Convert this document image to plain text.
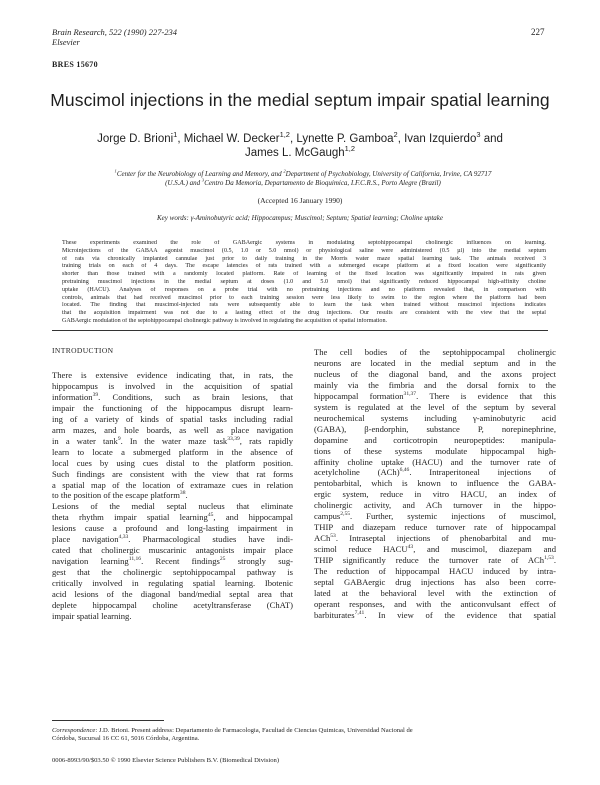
Brain Research, 522 (1990) 227-234
Elsevier
227
BRES 15670
Muscimol injections in the medial septum impair spatial learning
Jorge D. Brioni$^1$, Michael W. Decker$^{1,2}$, Lynette P. Gamboa$^2$, Ivan Izquierdo$^3$ and
James L. McGaugh$^{1,2}$
$^1$Center for the Neurobiology of Learning and Memory, and $^2$Department of Psychobiology, University of California, Irvine, CA 92717
(U.S.A.) and $^3$Centro Da Memoria, Departamento de Bioquimica, I.F.C.R.S., Porto Alegre (Brazil)
(Accepted 16 January 1990)
Key words: γ-Aminobutyric acid; Hippocampus; Muscimol; Septum; Spatial learning; Choline uptake
These experiments examined the role of GABAergic systems in modulating septohippocampal cholinergic influences on learning.
Microinjections of the GABAA agonist muscimol (0.5, 1.0 or 5.0 nmol) or physiological saline were administered (0.5 µl) into the medial septum
of rats via chronically implanted cannulae just prior to daily training in the Morris water maze spatial learning task. The animals received 3
training trials on each of 4 days. The escape latencies of rats trained with a submerged escape platform at a fixed location were significantly
shorter than those trained with a randomly located platform. Rate of learning of the fixed location was significantly impaired in rats given
pretraining muscimol injections in the medial septum at doses (1.0 and 5.0 nmol) that significantly reduced hippocampal high-affinity choline
uptake (HACU). Analyses of responses on a probe trial with no pretraining injections and no platform revealed that, in comparison with
controls, animals that had received muscimol prior to each training session were less likely to swim to the region where the platform had been
located. The finding that muscimol-injected rats were subsequently able to learn the task when trained without muscimol injections indicates
that the acquisition impairment was not due to a lasting effect of the drug injections. Our results are consistent with the view that the septal
GABAergic modulation of the septohippocampal cholinergic pathway is involved in regulating the acquisition of spatial information.
INTRODUCTION
There is extensive evidence indicating that, in rats, the
hippocampus is involved in the acquisition of spatial
information$^{39}$. Conditions, such as brain lesions, that
impair the functioning of the hippocampus disrupt learn-
ing of a variety of kinds of spatial tasks including radial
arm mazes, and hole boards, as well as place navigation
in a water tank$^9$. In the water maze task$^{33,39}$, rats rapidly
learn to locate a submerged platform in the absence of
local cues by using cues distal to the platform position.
Such findings are consistent with the view that rat forms
a spatial map of the location of extramaze cues in relation
to the position of the escape platform$^{38}$.
Lesions of the medial septal nucleus that eliminate
theta rhythm impair spatial learning$^{45}$, and hippocampal
lesions cause a profound and long-lasting impairment in
place navigation$^{4,33}$. Pharmacological studies have indi-
cated that cholinergic muscarinic antagonists impair place
navigation learning$^{11,16}$. Recent findings$^{25}$ strongly sug-
gest that the cholinergic septohippocampal pathway is
critically involved in regulating spatial learning. Ibotenic
acid lesions of the diagonal band/medial septal area that
deplete hippocampal choline acetyltransferase (ChAT)
impair spatial learning.
The cell bodies of the septohippocampal cholinergic
neurons are located in the medial septum and in the
nucleus of the diagonal band, and the axons project
mainly via the fimbria and the dorsal fornix to the
hippocampal formation$^{31,37}$. There is evidence that this
system is regulated at the level of the septum by several
neurochemical systems including γ-aminobutyric acid
(GABA), β-endorphin, substance P, norepinephrine,
dopamine and corticotropin neuropeptides: manipula-
tions of these systems modulate hippocampal high-
affinity choline uptake (HACU) and the turnover rate of
acetylcholine (ACh)$^{6,46}$. Intraperitoneal injections of
pentobarbital, which is known to influence the GABA-
ergic system, reduce in vitro HACU, an index of
cholinergic activity, and ACh turnover in the hippo-
campus$^{2,55}$. Further, systemic injections of muscimol,
THIP and diazepam reduce turnover rate of hippocampal
ACh$^{53}$. Intraseptal injections of phenobarbital and mu-
scimol reduce HACU$^{43}$, and muscimol, diazepam and
THIP significantly reduce the turnover rate of ACh$^{1,53}$.
The reduction of hippocampal HACU induced by intra-
septal GABAergic drug injections has also been corre-
lated at the behavioral level with the extinction of
operant responses, and with the anticonvulsant effect of
barbiturates$^{7,41}$. In view of the evidence that spatial
Correspondence: J.D. Brioni. Present address: Departamento de Farmacologia, Facultad de Ciencias Quimicas, Universidad Nacional de
Córdoba, Sucursal 16 CC 61, 5016 Córdoba, Argentina.
0006-8993/90/$03.50 © 1990 Elsevier Science Publishers B.V. (Biomedical Division)
